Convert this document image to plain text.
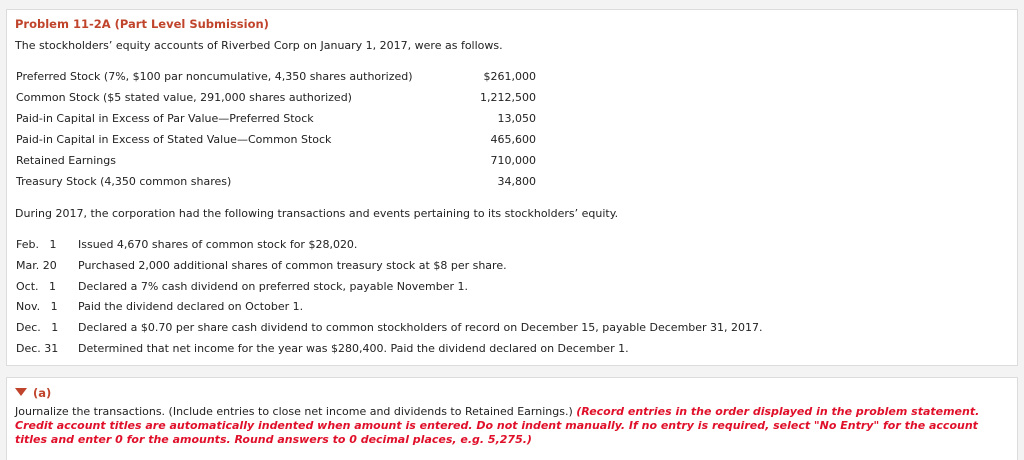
Problem 11-2A (Part Level Submission)
The stockholders’ equity accounts of Riverbed Corp on January 1, 2017, were as follows.
Preferred Stock (7%, $100 par noncumulative, 4,350 shares authorized)	$261,000
Common Stock ($5 stated value, 291,000 shares authorized)	1,212,500
Paid-in Capital in Excess of Par Value—Preferred Stock	13,050
Paid-in Capital in Excess of Stated Value—Common Stock	465,600
Retained Earnings	710,000
Treasury Stock (4,350 common shares)	34,800
During 2017, the corporation had the following transactions and events pertaining to its stockholders’ equity.
Feb.   1	Issued 4,670 shares of common stock for $28,020.
Mar. 20	Purchased 2,000 additional shares of common treasury stock at $8 per share.
Oct.   1	Declared a 7% cash dividend on preferred stock, payable November 1.
Nov.   1	Paid the dividend declared on October 1.
Dec.   1	Declared a $0.70 per share cash dividend to common stockholders of record on December 15, payable December 31, 2017.
Dec. 31	Determined that net income for the year was $280,400. Paid the dividend declared on December 1.
(a)
Journalize the transactions. (Include entries to close net income and dividends to Retained Earnings.) (Record entries in the order displayed in the problem statement. Credit account titles are automatically indented when amount is entered. Do not indent manually. If no entry is required, select "No Entry" for the account titles and enter 0 for the amounts. Round answers to 0 decimal places, e.g. 5,275.)
